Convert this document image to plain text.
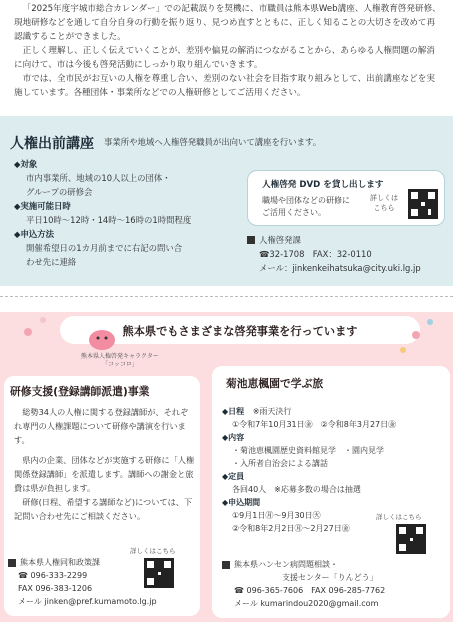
「2025年度宇城市総合カレンダー」での記載誤りを契機に、市職員は熊本県Web講座、人権教育啓発研修、現地研修などを通して自分自身の行動を振り返り、見つめ直すとともに、正しく知ることの大切さを改めて再認識することができました。

正しく理解し、正しく伝えていくことが、差別や偏見の解消につながることから、あらゆる人権問題の解消に向けて、市は今後も啓発活動にしっかり取り組んでいきます。

市では、全市民がお互いの人権を尊重し合い、差別のない社会を目指す取り組みとして、出前講座などを実施しています。各種団体・事業所などでの人権研修としてご活用ください。

人権出前講座 事業所や地域へ人権啓発職員が出向いて講座を行います。
◆対象
市内事業所、地域の10人以上の団体・
グループの研修会
◆実施可能日時
平日10時〜12時・14時〜16時の1時間程度
◆申込方法
開催希望日の1カ月前までに右記の問い合
わせ先に連絡
人権啓発 DVD を貸し出します
職場や団体などの研修に
ご活用ください。
詳しくは
こちら
人権啓発課
☎32-1708　FAX：32-0110
メール：jinkenkeihatsuka@city.uki.lg.jp
熊本県でもさまざまな啓発事業を行っています
熊本県人権啓発キャラクター
「コッコロ」
研修支援(登録講師派遣)事業

総勢34人の人権に関する登録講師が、それぞれ専門の人権課題について研修や講演を行います。

県内の企業、団体などが実施する研修に「人権関係登録講師」を派遣します。講師への謝金と旅費は県が負担します。

研修(日程、希望する講師など)については、下記問い合わせ先にご相談ください。

熊本県人権同和政策課
☎ 096-333-2299
FAX 096-383-1206
メール jinken@pref.kumamoto.lg.jp
詳しくはこちら
菊池恵楓園で学ぶ旅
◆日程 ※雨天決行
①令和7年10月31日㊎　②令和8年3月27日㊎
◆内容
・菊池恵楓園歴史資料館見学　・園内見学
・入所者自治会による講話
◆定員
各回40人　※応募多数の場合は抽選
◆申込期間
①9月1日㊊〜9月30日㊋
②令和8年2月2日㊊〜2月27日㊎
詳しくはこちら
熊本県ハンセン病問題相談・
支援センター「りんどう」
☎ 096-365-7606　FAX 096-285-7762
メール kumarindou2020@gmail.com
